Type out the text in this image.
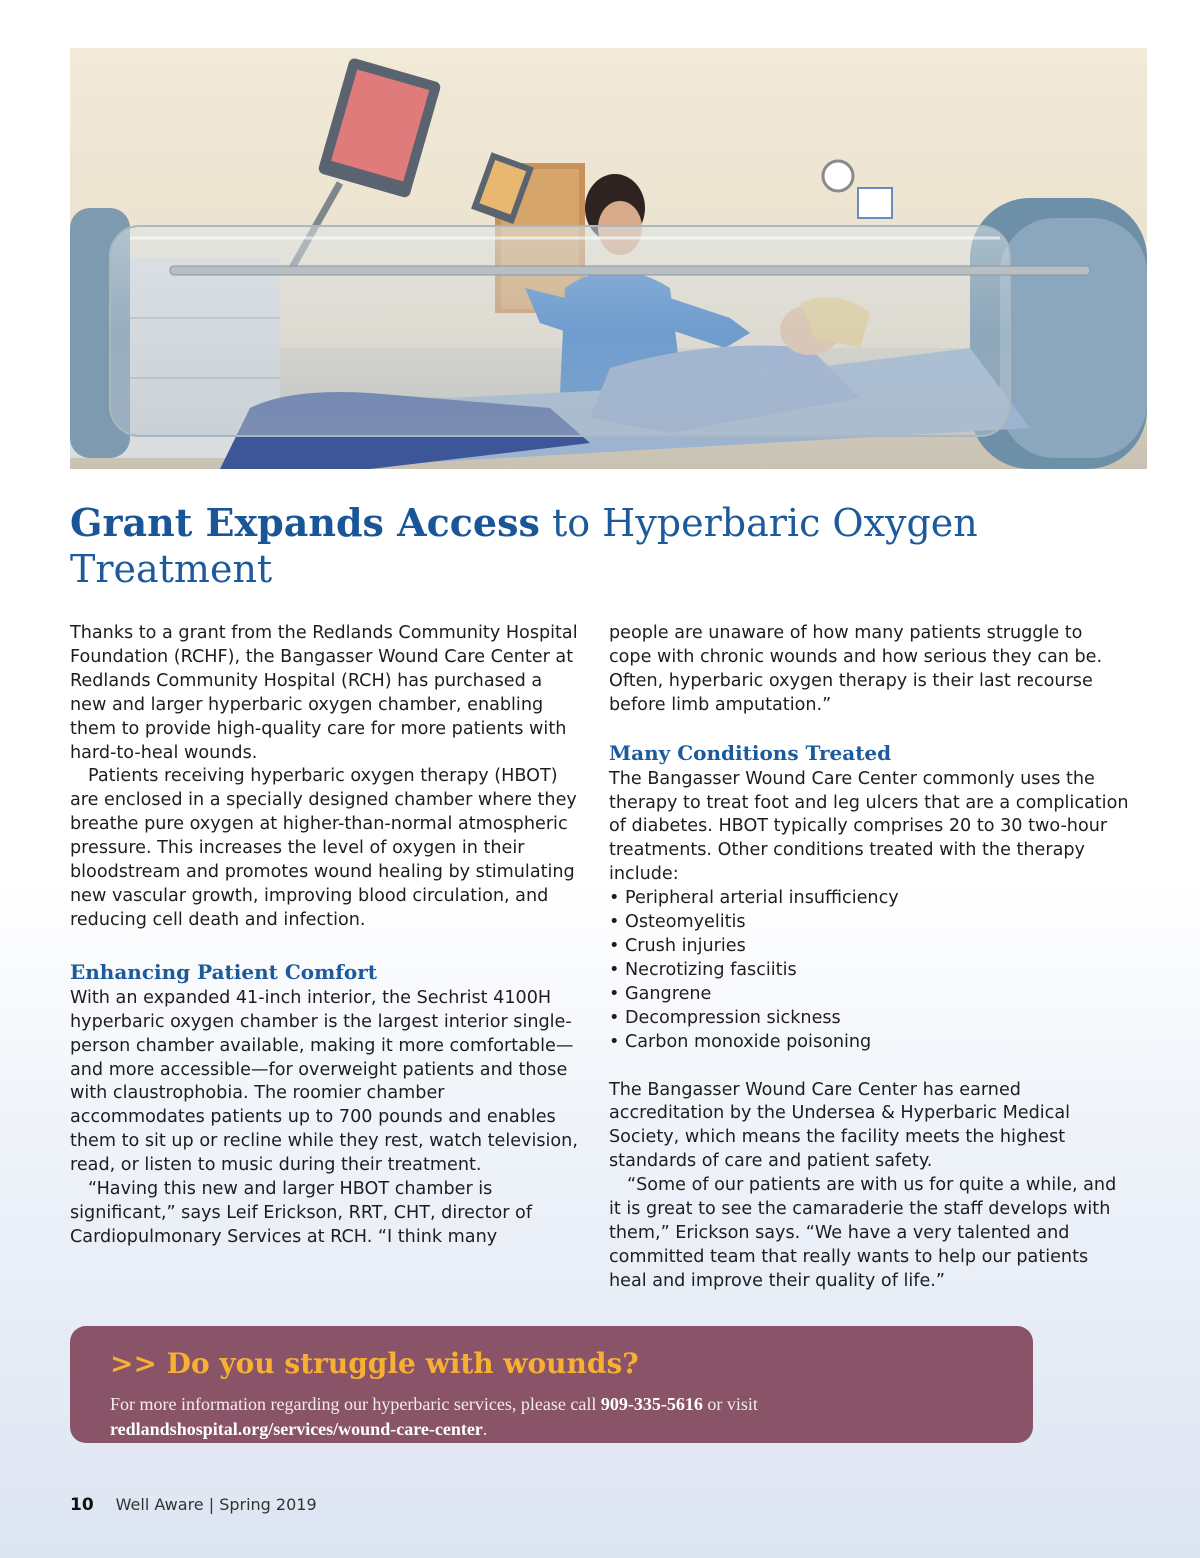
Grant Expands Access to Hyperbaric Oxygen Treatment

Thanks to a grant from the Redlands Community Hospital Foundation (RCHF), the Bangasser Wound Care Center at Redlands Community Hospital (RCH) has purchased a new and larger hyperbaric oxygen chamber, enabling them to provide high-quality care for more patients with hard-to-heal wounds.

Patients receiving hyperbaric oxygen therapy (HBOT) are enclosed in a specially designed chamber where they breathe pure oxygen at higher-than-normal atmospheric pressure. This increases the level of oxygen in their bloodstream and promotes wound healing by stimulating new vascular growth, improving blood circulation, and reducing cell death and infection.

Enhancing Patient Comfort

With an expanded 41-inch interior, the Sechrist 4100H hyperbaric oxygen chamber is the largest interior single-person chamber available, making it more comfortable—and more accessible—for overweight patients and those with claustrophobia. The roomier chamber accommodates patients up to 700 pounds and enables them to sit up or recline while they rest, watch television, read, or listen to music during their treatment.

“Having this new and larger HBOT chamber is significant,” says Leif Erickson, RRT, CHT, director of Cardiopulmonary Services at RCH. “I think many

people are unaware of how many patients struggle to cope with chronic wounds and how serious they can be. Often, hyperbaric oxygen therapy is their last recourse before limb amputation.”

Many Conditions Treated

The Bangasser Wound Care Center commonly uses the therapy to treat foot and leg ulcers that are a complication of diabetes. HBOT typically comprises 20 to 30 two-hour treatments. Other conditions treated with the therapy include:

• Peripheral arterial insufficiency
• Osteomyelitis
• Crush injuries
• Necrotizing fasciitis
• Gangrene
• Decompression sickness
• Carbon monoxide poisoning

The Bangasser Wound Care Center has earned accreditation by the Undersea & Hyperbaric Medical Society, which means the facility meets the highest standards of care and patient safety.

“Some of our patients are with us for quite a while, and it is great to see the camaraderie the staff develops with them,” Erickson says. “We have a very talented and committed team that really wants to help our patients heal and improve their quality of life.”

>> Do you struggle with wounds?

For more information regarding our hyperbaric services, please call 909-335-5616 or visit redlandshospital.org/services/wound-care-center.

10 Well Aware | Spring 2019
